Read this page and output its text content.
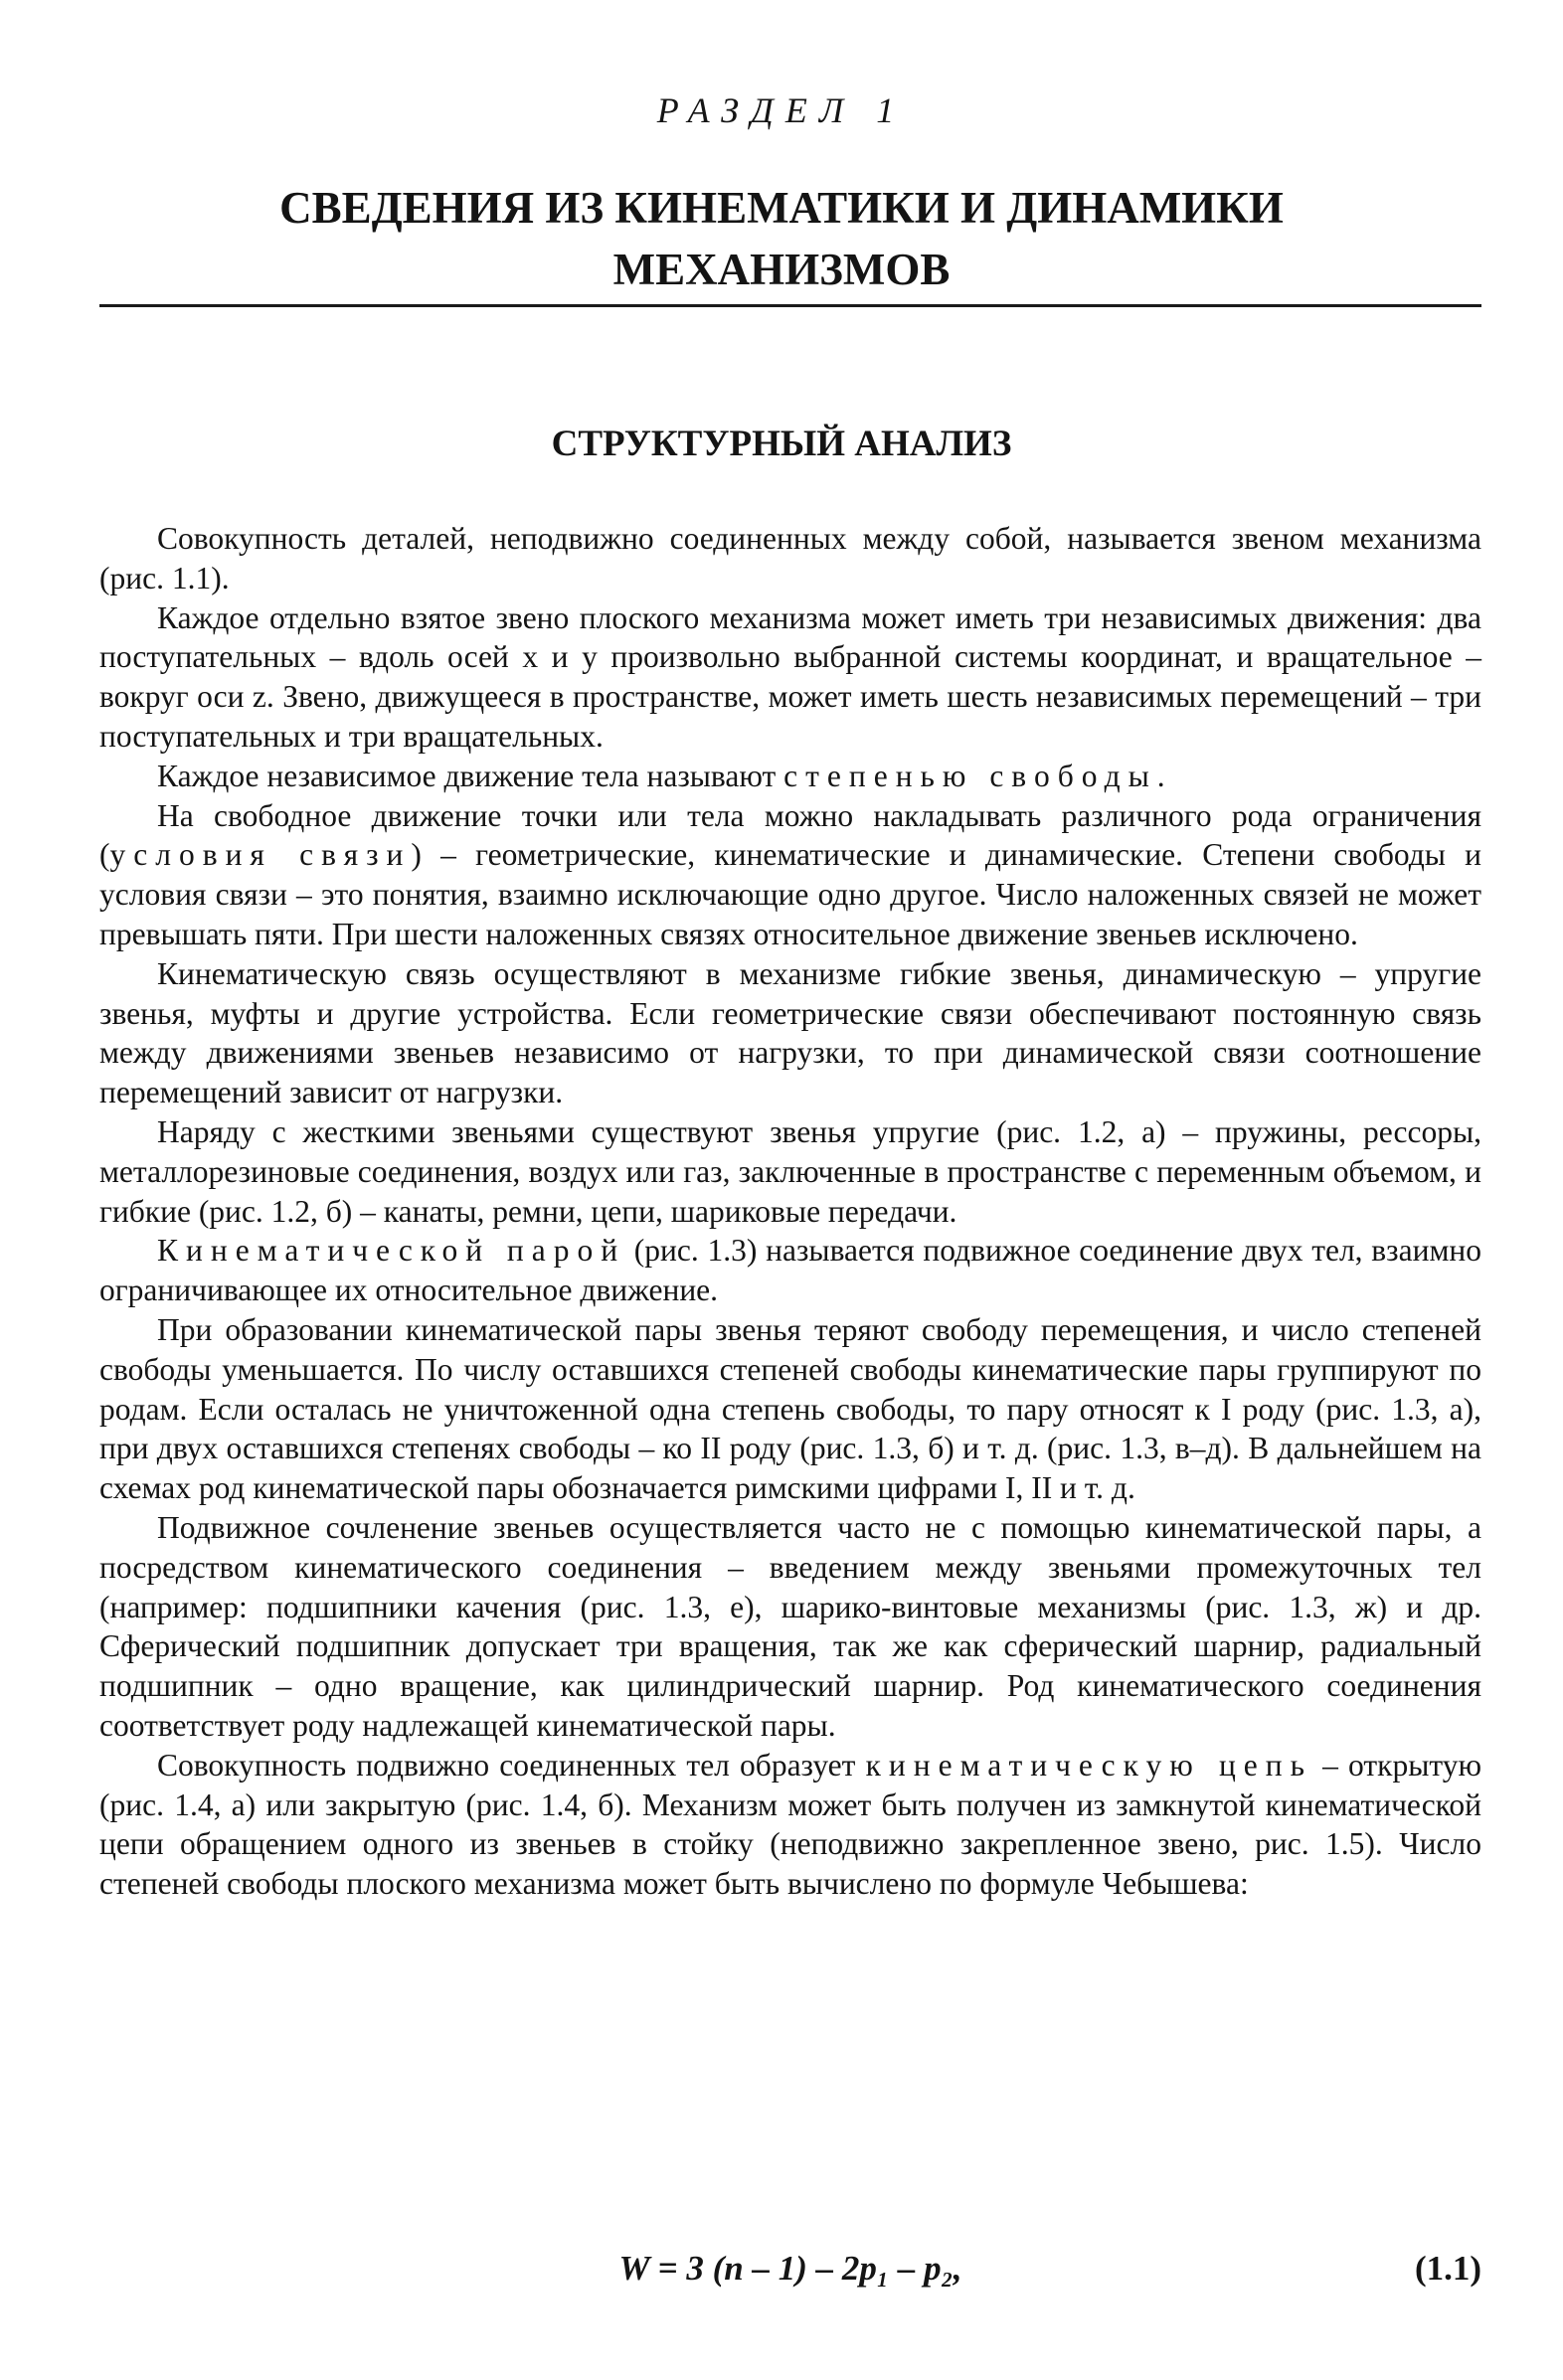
РАЗДЕЛ 1
СВЕДЕНИЯ ИЗ КИНЕМАТИКИ И ДИНАМИКИ
МЕХАНИЗМОВ
СТРУКТУРНЫЙ АНАЛИЗ

Совокупность деталей, неподвижно соединенных между собой, называется звеном механизма (рис. 1.1).

Каждое отдельно взятое звено плоского механизма может иметь три независимых движения: два поступательных – вдоль осей x и y произвольно выбранной системы координат, и вращательное – вокруг оси z. Звено, движущееся в пространстве, может иметь шесть независимых перемещений – три поступательных и три вращательных.

Каждое независимое движение тела называют степенью свободы.

На свободное движение точки или тела можно накладывать различного рода ограничения (условия связи) – геометрические, кинематические и динамические. Степени свободы и условия связи – это понятия, взаимно исключающие одно другое. Число наложенных связей не может превышать пяти. При шести наложенных связях относительное движение звеньев исключено.

Кинематическую связь осуществляют в механизме гибкие звенья, динамическую – упругие звенья, муфты и другие устройства. Если геометрические связи обеспечивают постоянную связь между движениями звеньев независимо от нагрузки, то при динамической связи соотношение перемещений зависит от нагрузки.

Наряду с жесткими звеньями существуют звенья упругие (рис. 1.2, а) – пружины, рессоры, металлорезиновые соединения, воздух или газ, заключенные в пространстве с переменным объемом, и гибкие (рис. 1.2, б) – канаты, ремни, цепи, шариковые передачи.

Кинематической парой (рис. 1.3) называется подвижное соединение двух тел, взаимно ограничивающее их относительное движение.

При образовании кинематической пары звенья теряют свободу перемещения, и число степеней свободы уменьшается. По числу оставшихся степеней свободы кинематические пары группируют по родам. Если осталась не уничтоженной одна степень свободы, то пару относят к I роду (рис. 1.3, а), при двух оставшихся степенях свободы – ко II роду (рис. 1.3, б) и т. д. (рис. 1.3, в–д). В дальнейшем на схемах род кинематической пары обозначается римскими цифрами I, II и т. д.

Подвижное сочленение звеньев осуществляется часто не с помощью кинематической пары, а посредством кинематического соединения – введением между звеньями промежуточных тел (например: подшипники качения (рис. 1.3, е), шарико-винтовые механизмы (рис. 1.3, ж) и др. Сферический подшипник допускает три вращения, так же как сферический шарнир, радиальный подшипник – одно вращение, как цилиндрический шарнир. Род кинематического соединения соответствует роду надлежащей кинематической пары.

Совокупность подвижно соединенных тел образует кинематическую цепь – открытую (рис. 1.4, а) или закрытую (рис. 1.4, б). Механизм может быть получен из замкнутой кинематической цепи обращением одного из звеньев в стойку (неподвижно закрепленное звено, рис. 1.5). Число степеней свободы плоского механизма может быть вычислено по формуле Чебышева:

W = 3 (n – 1) – 2p₁ – p₂,	(1.1)
